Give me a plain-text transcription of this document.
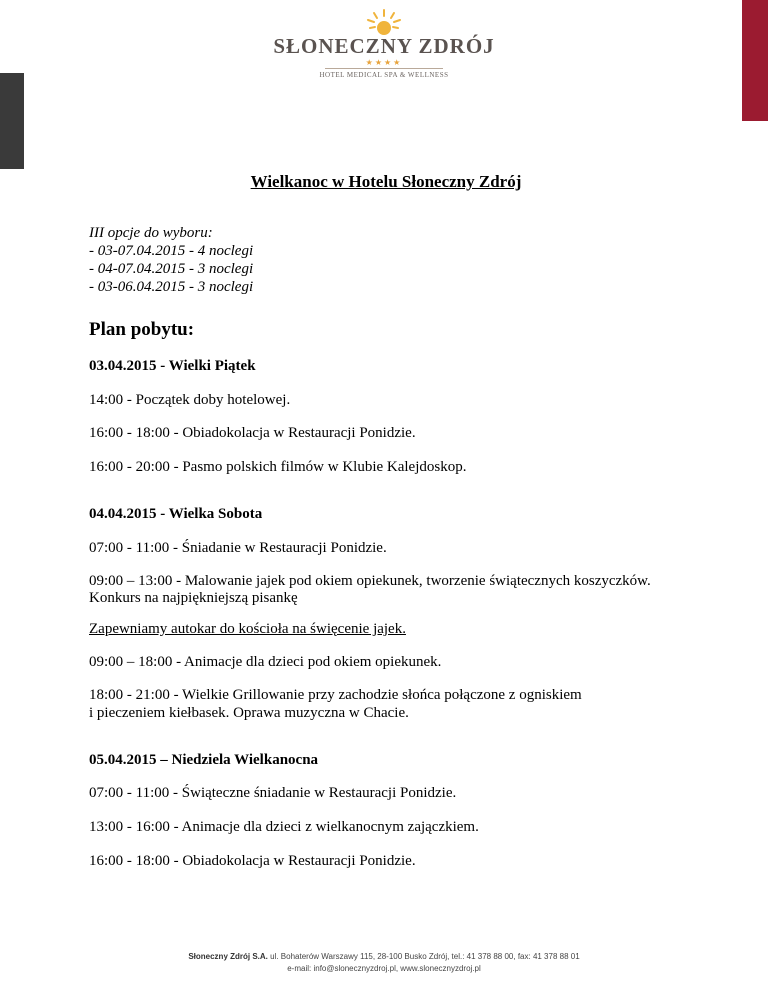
SŁONECZNY ZDRÓJ
★★★★
HOTEL MEDICAL SPA & WELLNESS
Wielkanoc w Hotelu Słoneczny Zdrój
III opcje do wyboru:
- 03-07.04.2015 - 4 noclegi
- 04-07.04.2015 - 3 noclegi
- 03-06.04.2015 - 3 noclegi
Plan pobytu:
03.04.2015 - Wielki Piątek
14:00 - Początek doby hotelowej.
16:00 - 18:00 - Obiadokolacja w Restauracji Ponidzie.
16:00 - 20:00 - Pasmo polskich filmów w Klubie Kalejdoskop.
04.04.2015 - Wielka Sobota
07:00 - 11:00 - Śniadanie w Restauracji Ponidzie.
09:00 – 13:00 - Malowanie jajek pod okiem opiekunek, tworzenie świątecznych koszyczków.
Konkurs na najpiękniejszą pisankę
Zapewniamy autokar do kościoła na święcenie jajek.
09:00 – 18:00 - Animacje dla dzieci pod okiem opiekunek.
18:00 - 21:00 - Wielkie Grillowanie przy zachodzie słońca połączone z ogniskiem
i pieczeniem kiełbasek. Oprawa muzyczna w Chacie.
05.04.2015 – Niedziela Wielkanocna
07:00 - 11:00 - Świąteczne śniadanie w Restauracji Ponidzie.
13:00 - 16:00 - Animacje dla dzieci z wielkanocnym zajączkiem.
16:00 - 18:00 - Obiadokolacja w Restauracji Ponidzie.
Słoneczny Zdrój S.A. ul. Bohaterów Warszawy 115, 28-100 Busko Zdrój, tel.: 41 378 88 00, fax: 41 378 88 01
e-mail: info@slonecznyzdroj.pl, www.slonecznyzdroj.pl
